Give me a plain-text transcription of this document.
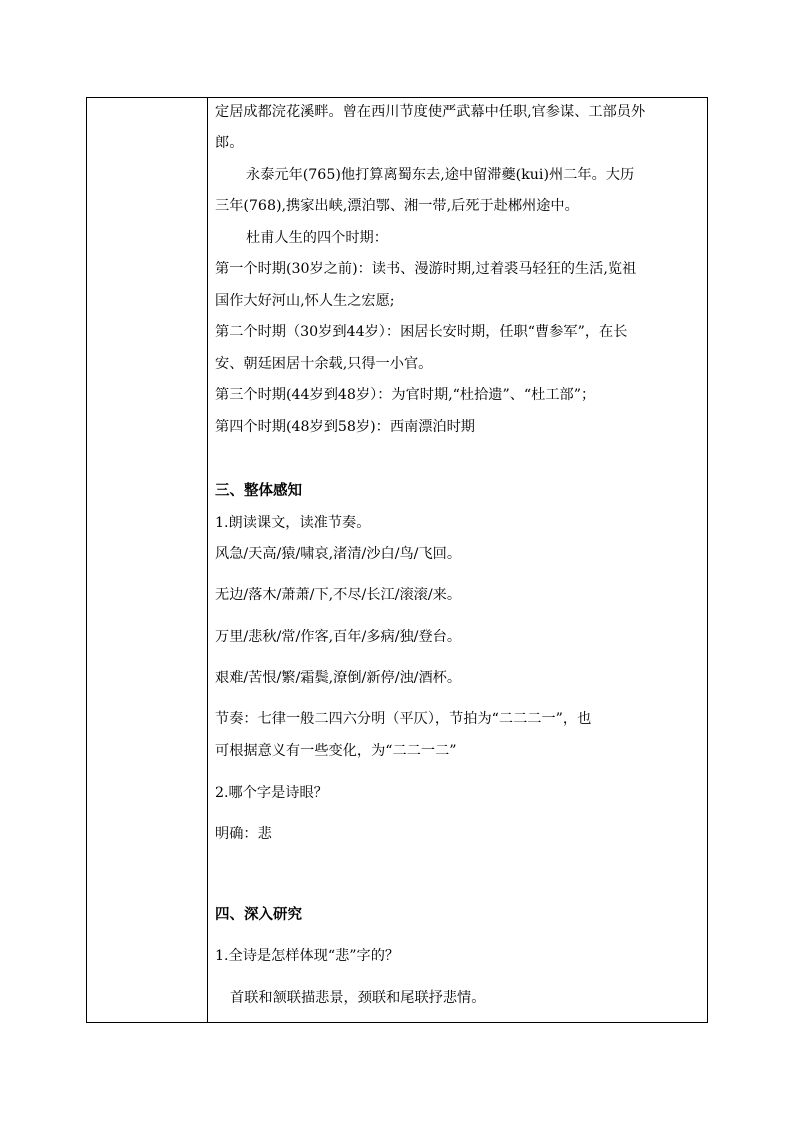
定居成都浣花溪畔。曾在西川节度使严武幕中任职,官参谋、工部员外
郎。
永泰元年(765)他打算离蜀东去,途中留滞夔(kui)州二年。大历
三年(768),携家出峡,漂泊鄂、湘一带,后死于赴郴州途中。
杜甫人生的四个时期：
第一个时期(30岁之前)：读书、漫游时期,过着裘马轻狂的生活,览祖
国作大好河山,怀人生之宏愿;
第二个时期（30岁到44岁）：困居长安时期，任职“曹参军”，在长
安、朝廷困居十余载,只得一小官。
第三个时期(44岁到48岁）：为官时期,“杜拾遗”、“杜工部”；
第四个时期(48岁到58岁)：西南漂泊时期
三、整体感知
1.朗读课文，读准节奏。
风急/天高/猿/啸哀,渚清/沙白/鸟/飞回。
无边/落木/萧萧/下,不尽/长江/滚滚/来。
万里/悲秋/常/作客,百年/多病/独/登台。
艰难/苦恨/繁/霜鬓,潦倒/新停/浊/酒杯。
节奏：七律一般二四六分明（平仄），节拍为“二二二一”，也
可根据意义有一些变化，为“二二一二”
2.哪个字是诗眼？
明确：悲
四、深入研究
1.全诗是怎样体现“悲”字的？
首联和颔联描悲景，颈联和尾联抒悲情。
